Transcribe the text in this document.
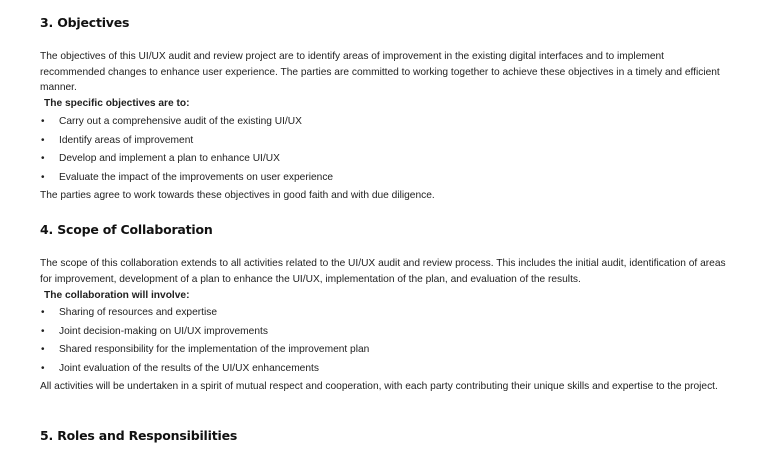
3. Objectives

The objectives of this UI/UX audit and review project are to identify areas of improvement in the existing digital interfaces and to implement recommended changes to enhance user experience. The parties are committed to working together to achieve these objectives in a timely and efficient manner.

The specific objectives are to:
• Carry out a comprehensive audit of the existing UI/UX
• Identify areas of improvement
• Develop and implement a plan to enhance UI/UX
• Evaluate the impact of the improvements on user experience

The parties agree to work towards these objectives in good faith and with due diligence.

4. Scope of Collaboration

The scope of this collaboration extends to all activities related to the UI/UX audit and review process. This includes the initial audit, identification of areas for improvement, development of a plan to enhance the UI/UX, implementation of the plan, and evaluation of the results.

The collaboration will involve:
• Sharing of resources and expertise
• Joint decision-making on UI/UX improvements
• Shared responsibility for the implementation of the improvement plan
• Joint evaluation of the results of the UI/UX enhancements

All activities will be undertaken in a spirit of mutual respect and cooperation, with each party contributing their unique skills and expertise to the project.

5. Roles and Responsibilities
